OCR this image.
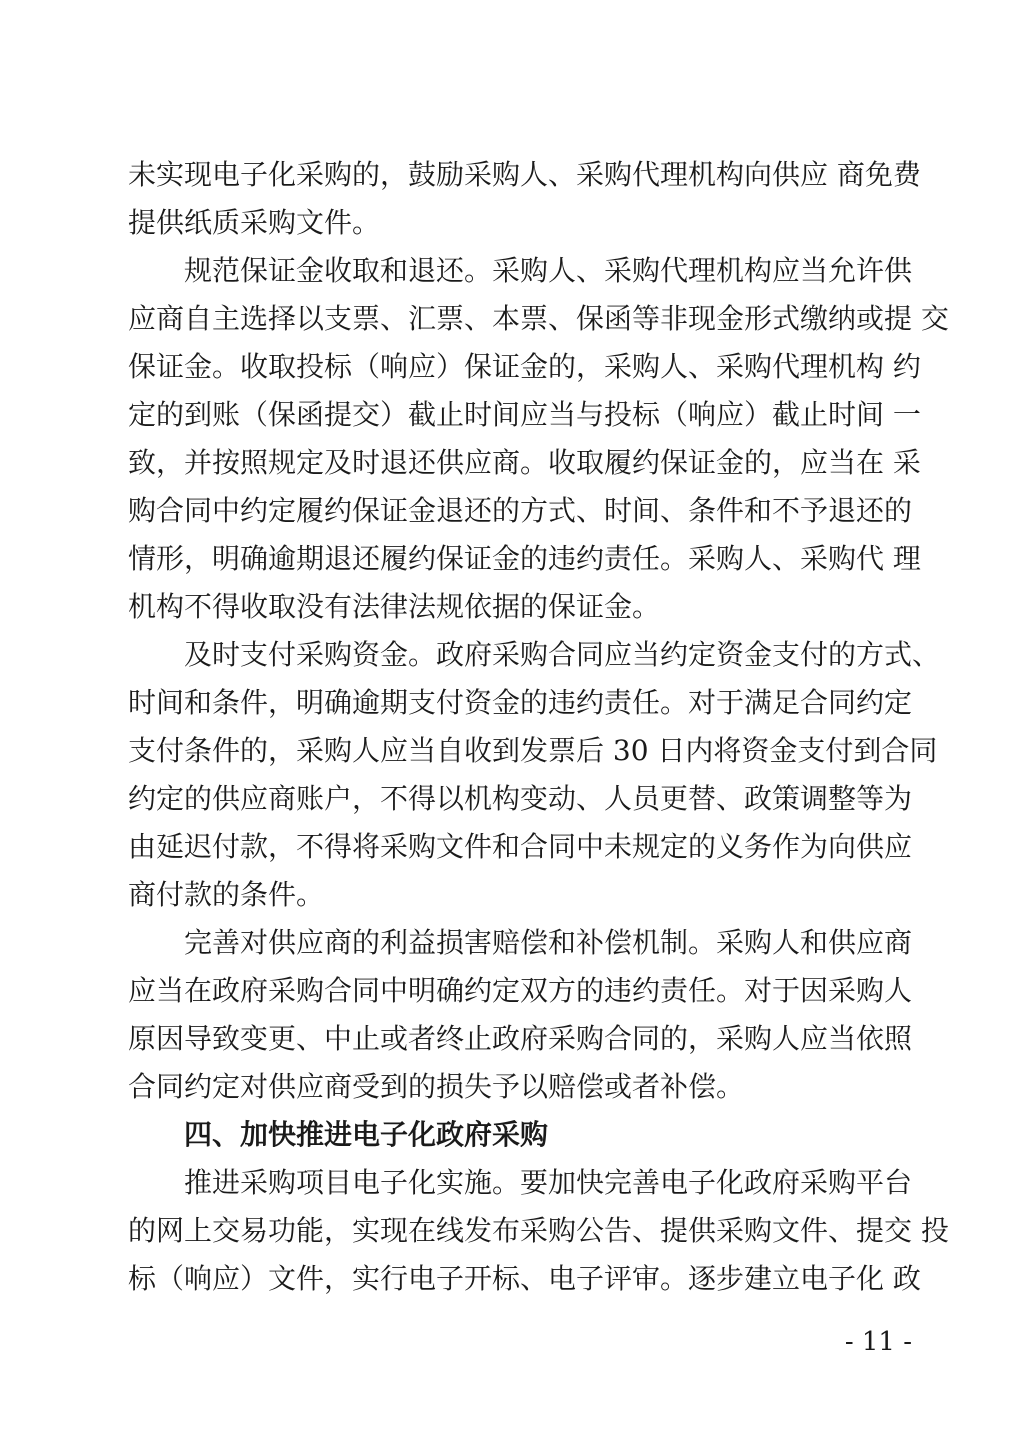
未实现电子化采购的，鼓励采购人、采购代理机构向供应 商免费
提供纸质采购文件。
规范保证金收取和退还。采购人、采购代理机构应当允许供
应商自主选择以支票、汇票、本票、保函等非现金形式缴纳或提 交
保证金。收取投标（响应）保证金的，采购人、采购代理机构 约
定的到账（保函提交）截止时间应当与投标（响应）截止时间 一
致，并按照规定及时退还供应商。收取履约保证金的，应当在 采
购合同中约定履约保证金退还的方式、时间、条件和不予退还的
情形，明确逾期退还履约保证金的违约责任。采购人、采购代 理
机构不得收取没有法律法规依据的保证金。
及时支付采购资金。政府采购合同应当约定资金支付的方式、
时间和条件，明确逾期支付资金的违约责任。对于满足合同约定
支付条件的，采购人应当自收到发票后 30 日内将资金支付到合同
约定的供应商账户，不得以机构变动、人员更替、政策调整等为
由延迟付款，不得将采购文件和合同中未规定的义务作为向供应
商付款的条件。
完善对供应商的利益损害赔偿和补偿机制。采购人和供应商
应当在政府采购合同中明确约定双方的违约责任。对于因采购人
原因导致变更、中止或者终止政府采购合同的，采购人应当依照
合同约定对供应商受到的损失予以赔偿或者补偿。
四、加快推进电子化政府采购
推进采购项目电子化实施。要加快完善电子化政府采购平台
的网上交易功能，实现在线发布采购公告、提供采购文件、提交 投
标（响应）文件，实行电子开标、电子评审。逐步建立电子化 政
- 11 -
